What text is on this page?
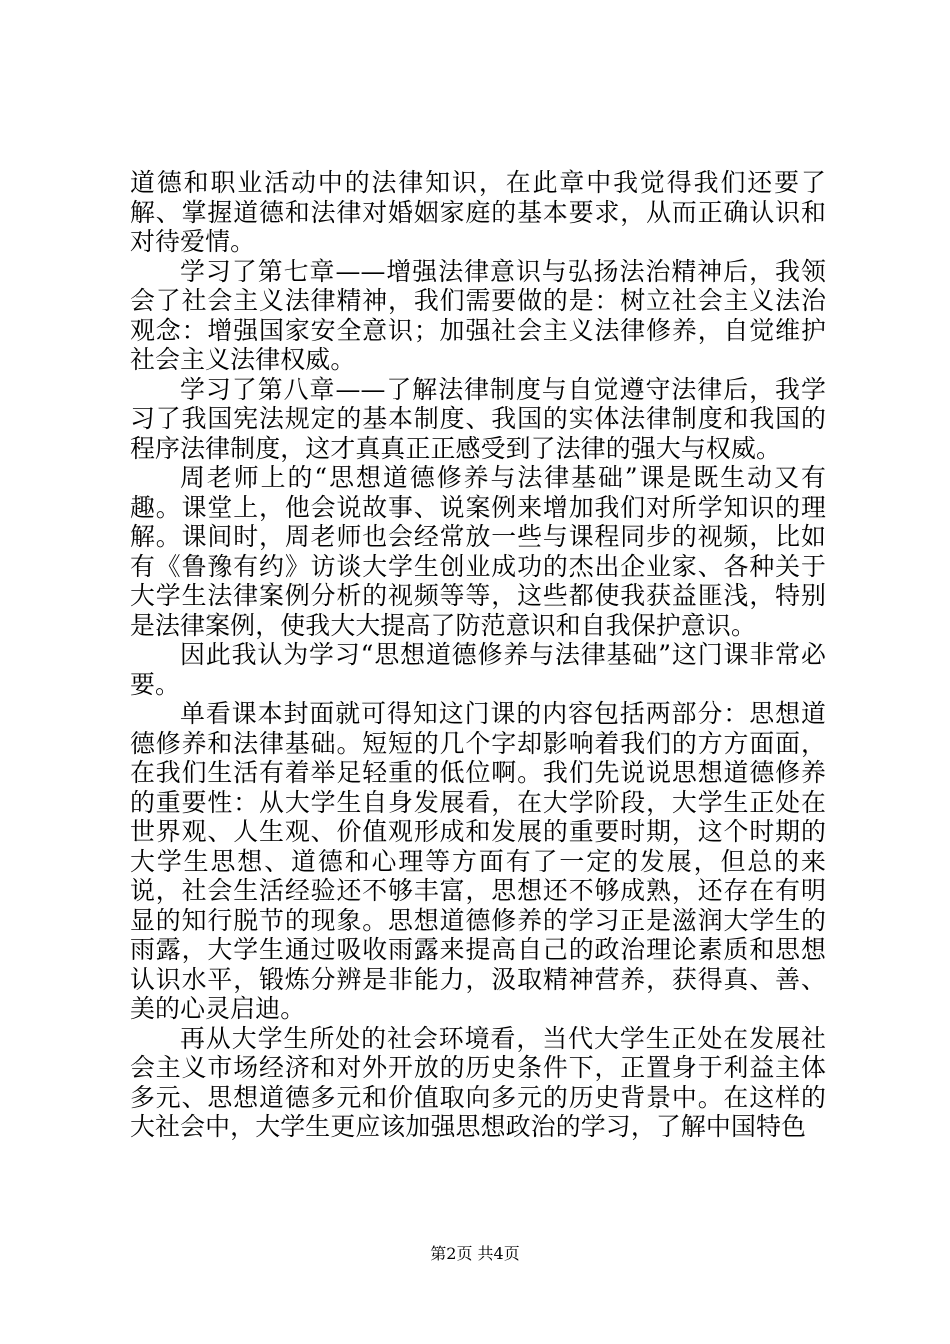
道德和职业活动中的法律知识，在此章中我觉得我们还要了解、掌握道德和法律对婚姻家庭的基本要求，从而正确认识和对待爱情。

学习了第七章——增强法律意识与弘扬法治精神后，我领会了社会主义法律精神，我们需要做的是：树立社会主义法治观念：增强国家安全意识；加强社会主义法律修养，自觉维护社会主义法律权威。

学习了第八章——了解法律制度与自觉遵守法律后，我学习了我国宪法规定的基本制度、我国的实体法律制度和我国的程序法律制度，这才真真正正感受到了法律的强大与权威。

周老师上的“思想道德修养与法律基础”课是既生动又有趣。课堂上，他会说故事、说案例来增加我们对所学知识的理解。课间时，周老师也会经常放一些与课程同步的视频，比如有《鲁豫有约》访谈大学生创业成功的杰出企业家、各种关于大学生法律案例分析的视频等等，这些都使我获益匪浅，特别是法律案例，使我大大提高了防范意识和自我保护意识。

因此我认为学习“思想道德修养与法律基础”这门课非常必要。

单看课本封面就可得知这门课的内容包括两部分：思想道德修养和法律基础。短短的几个字却影响着我们的方方面面，在我们生活有着举足轻重的低位啊。我们先说说思想道德修养的重要性：从大学生自身发展看，在大学阶段，大学生正处在世界观、人生观、价值观形成和发展的重要时期，这个时期的大学生思想、道德和心理等方面有了一定的发展，但总的来说，社会生活经验还不够丰富，思想还不够成熟，还存在有明显的知行脱节的现象。思想道德修养的学习正是滋润大学生的雨露，大学生通过吸收雨露来提高自己的政治理论素质和思想认识水平，锻炼分辨是非能力，汲取精神营养，获得真、善、美的心灵启迪。

再从大学生所处的社会环境看，当代大学生正处在发展社会主义市场经济和对外开放的历史条件下，正置身于利益主体多元、思想道德多元和价值取向多元的历史背景中。在这样的大社会中，大学生更应该加强思想政治的学习，了解中国特色

第2页 共4页
